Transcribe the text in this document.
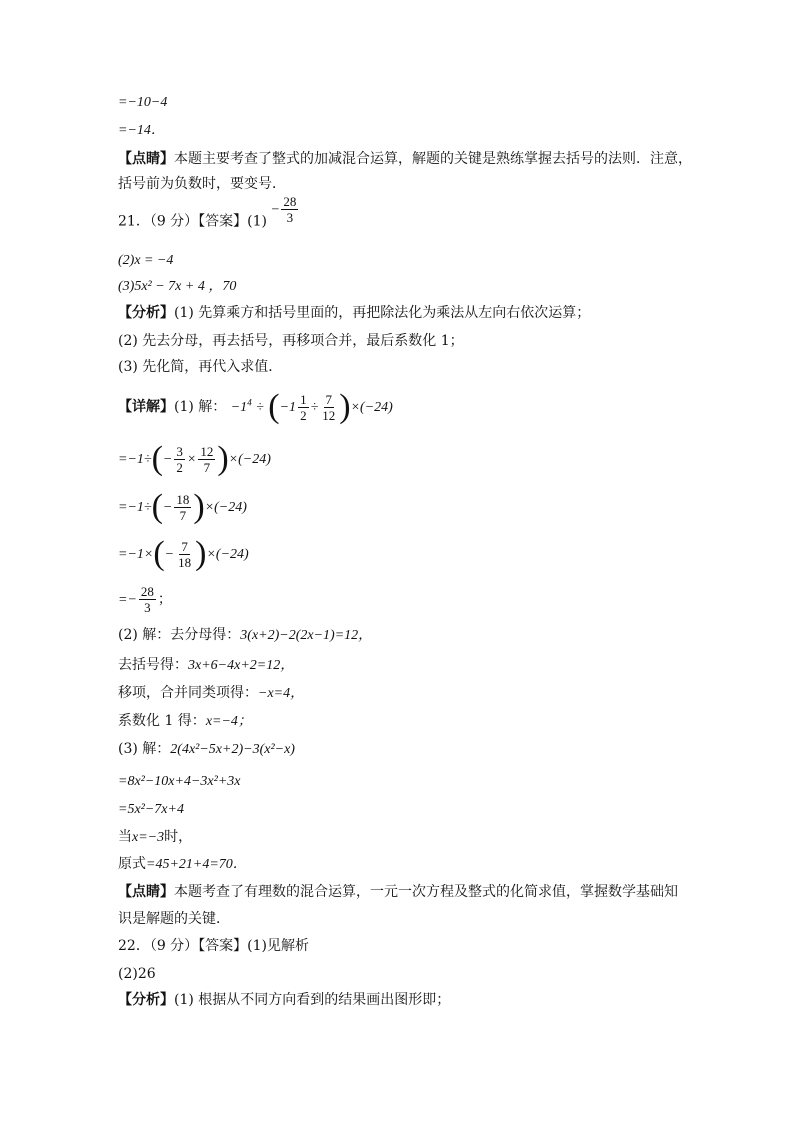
=−10−4
=−14．
【点睛】本题主要考查了整式的加减混合运算，解题的关键是熟练掌握去括号的法则．注意，
括号前为负数时，要变号．
21．（9 分）【答案】$(1) - \frac{28}{3}$
(2)x = −4
(3)5x² − 7x + 4 ，70
【分析】(1) 先算乘方和括号里面的，再把除法化为乘法从左向右依次运算；
(2) 先去分母，再去括号，再移项合并，最后系数化 1；
(3) 先化简，再代入求值．
【详解】(1) 解： $-1^4 \div (-1 \frac{1}{2} \div \frac{7}{12} )\times(-24)$
$=-1\div(- \frac{3}{2} \times \frac{12}{7} )\times(-24)$
$=-1\div(- \frac{18}{7} )\times(-24)$
$=-1\times(- \frac{7}{18} )\times(-24)$
=− $\frac{28}{3}$ ；
(2) 解：去分母得：3(x+2)−2(2x−1)=12，
去括号得：3x+6−4x+2=12，
移项，合并同类项得：−x=4，
系数化 1 得：x=−4；
(3) 解：2(4x²−5x+2)−3(x²−x)
=8x²−10x+4−3x²+3x
=5x²−7x+4
当x=−3时，
原式=45+21+4=70．
【点睛】本题考查了有理数的混合运算，一元一次方程及整式的化简求值，掌握数学基础知
识是解题的关键．
22．（9 分）【答案】(1)见解析
(2)26
【分析】(1) 根据从不同方向看到的结果画出图形即；
